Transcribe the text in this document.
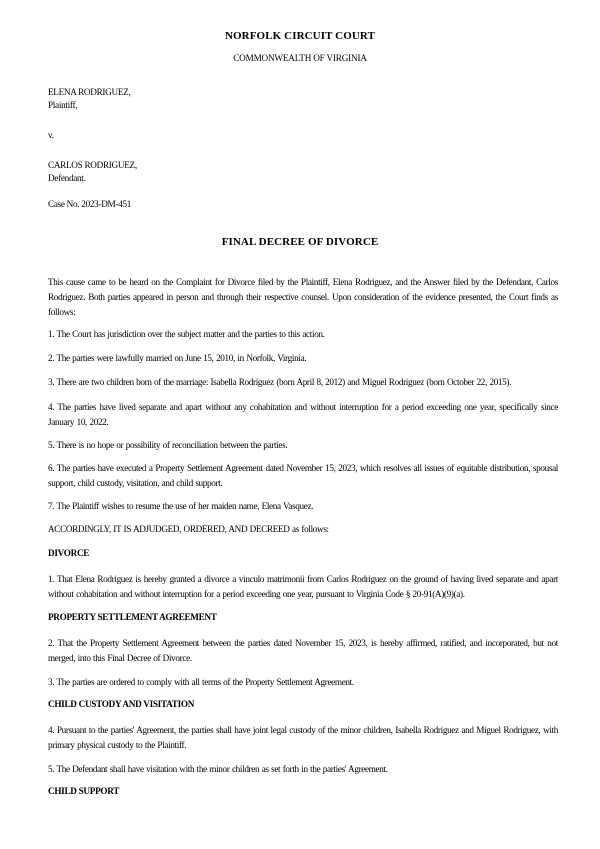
NORFOLK CIRCUIT COURT
COMMONWEALTH OF VIRGINIA
ELENA RODRIGUEZ,
Plaintiff,
v.
CARLOS RODRIGUEZ,
Defendant.
Case No. 2023-DM-451
FINAL DECREE OF DIVORCE
This cause came to be heard on the Complaint for Divorce filed by the Plaintiff, Elena Rodriguez, and the Answer filed by the Defendant, Carlos Rodriguez. Both parties appeared in person and through their respective counsel. Upon consideration of the evidence presented, the Court finds as follows:
1. The Court has jurisdiction over the subject matter and the parties to this action.
2. The parties were lawfully married on June 15, 2010, in Norfolk, Virginia.
3. There are two children born of the marriage: Isabella Rodriguez (born April 8, 2012) and Miguel Rodriguez (born October 22, 2015).
4. The parties have lived separate and apart without any cohabitation and without interruption for a period exceeding one year, specifically since January 10, 2022.
5. There is no hope or possibility of reconciliation between the parties.
6. The parties have executed a Property Settlement Agreement dated November 15, 2023, which resolves all issues of equitable distribution, spousal support, child custody, visitation, and child support.
7. The Plaintiff wishes to resume the use of her maiden name, Elena Vasquez.
ACCORDINGLY, IT IS ADJUDGED, ORDERED, AND DECREED as follows:
DIVORCE
1. That Elena Rodriguez is hereby granted a divorce a vinculo matrimonii from Carlos Rodriguez on the ground of having lived separate and apart without cohabitation and without interruption for a period exceeding one year, pursuant to Virginia Code § 20-91(A)(9)(a).
PROPERTY SETTLEMENT AGREEMENT
2. That the Property Settlement Agreement between the parties dated November 15, 2023, is hereby affirmed, ratified, and incorporated, but not merged, into this Final Decree of Divorce.
3. The parties are ordered to comply with all terms of the Property Settlement Agreement.
CHILD CUSTODY AND VISITATION
4. Pursuant to the parties' Agreement, the parties shall have joint legal custody of the minor children, Isabella Rodriguez and Miguel Rodriguez, with primary physical custody to the Plaintiff.
5. The Defendant shall have visitation with the minor children as set forth in the parties' Agreement.
CHILD SUPPORT
